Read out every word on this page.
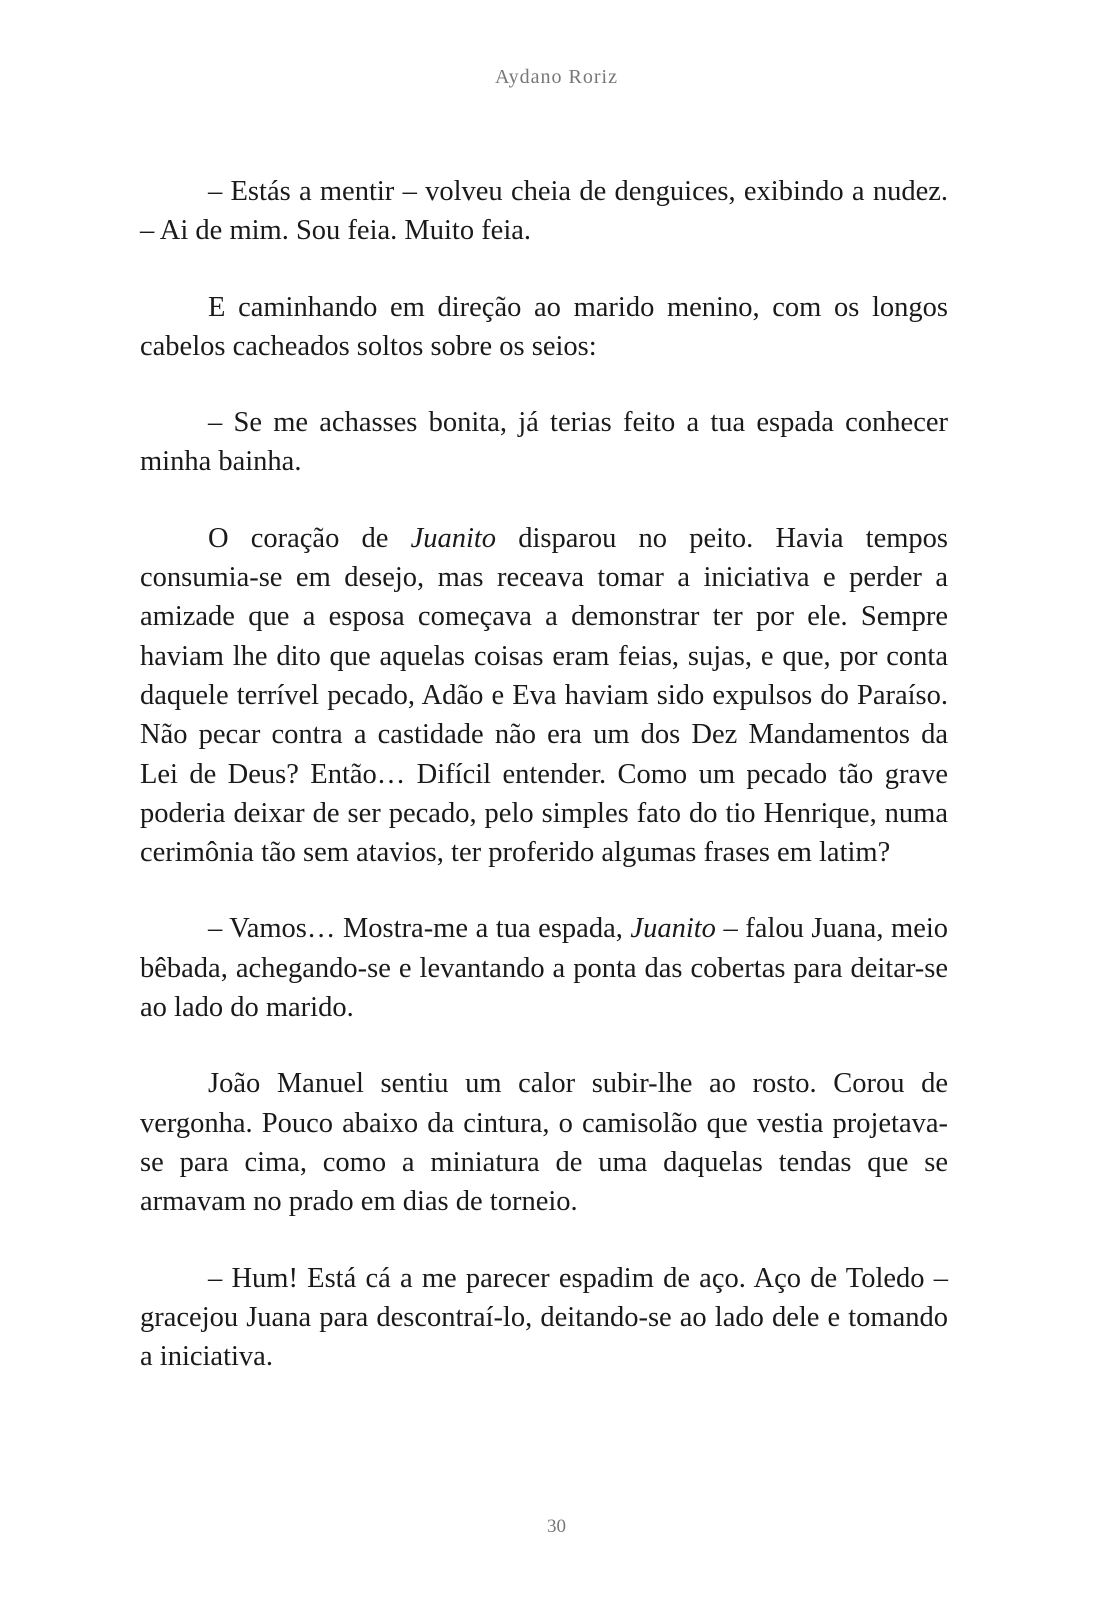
Aydano Roriz

– Estás a mentir – volveu cheia de denguices, exibindo a nudez. – Ai de mim. Sou feia. Muito feia.

E caminhando em direção ao marido menino, com os longos cabelos cacheados soltos sobre os seios:

– Se me achasses bonita, já terias feito a tua espada conhecer minha bainha.

O coração de Juanito disparou no peito. Havia tempos consumia-se em desejo, mas receava tomar a iniciativa e perder a amizade que a esposa começava a demonstrar ter por ele. Sempre haviam lhe dito que aquelas coisas eram feias, sujas, e que, por conta daquele terrível pecado, Adão e Eva haviam sido expulsos do Paraíso. Não pecar contra a castidade não era um dos Dez Mandamentos da Lei de Deus? Então… Difícil entender. Como um pecado tão grave poderia deixar de ser pecado, pelo simples fato do tio Henrique, numa cerimônia tão sem atavios, ter proferido algumas frases em latim?

– Vamos… Mostra-me a tua espada, Juanito – falou Juana, meio bêbada, achegando-se e levantando a ponta das cobertas para deitar-se ao lado do marido.

João Manuel sentiu um calor subir-lhe ao rosto. Corou de vergonha. Pouco abaixo da cintura, o camisolão que vestia projetava-se para cima, como a miniatura de uma daquelas tendas que se armavam no prado em dias de torneio.

– Hum! Está cá a me parecer espadim de aço. Aço de Toledo – gracejou Juana para descontraí-lo, deitando-se ao lado dele e tomando a iniciativa.

30
